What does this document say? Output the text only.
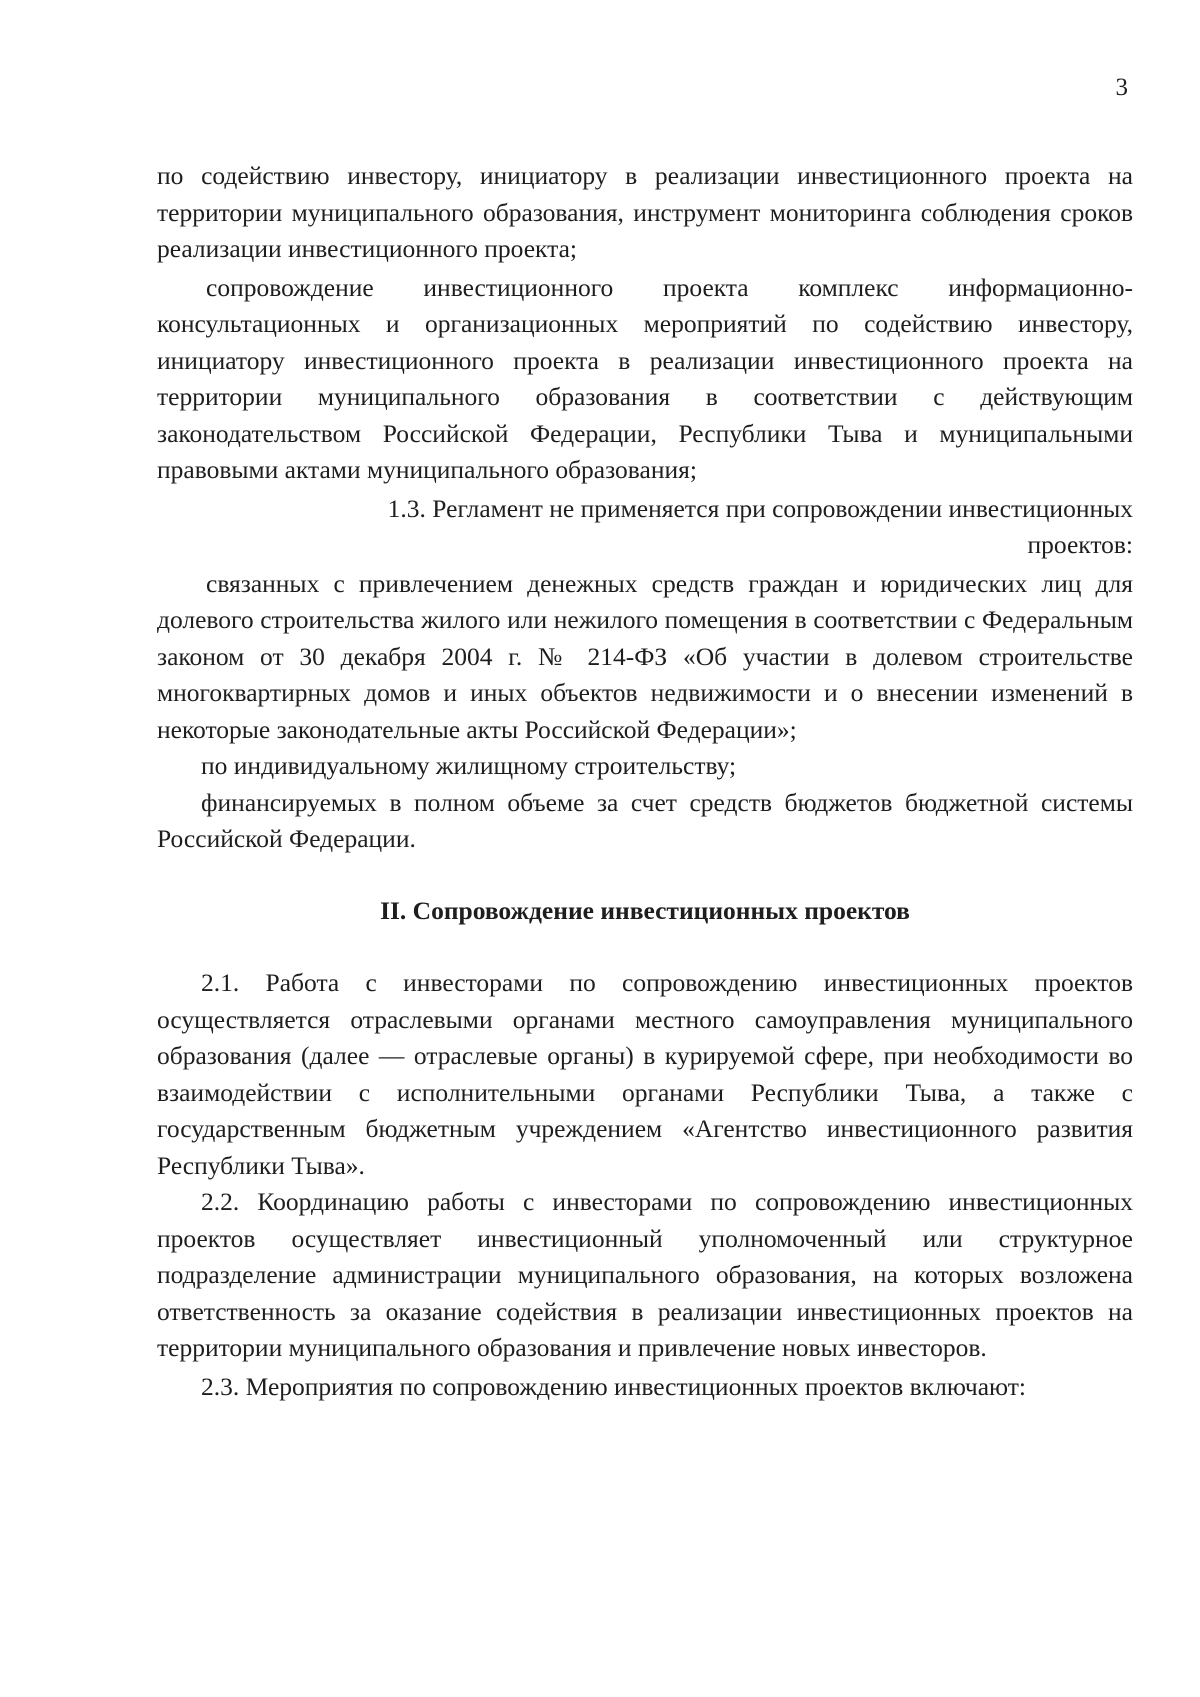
3

по содействию инвестору, инициатору в реализации инвестиционного проекта на территории муниципального образования, инструмент мониторинга соблюдения сроков реализации инвестиционного проекта;

сопровождение инвестиционного проекта комплекс информационно-консультационных и организационных мероприятий по содействию инвестору, инициатору инвестиционного проекта в реализации инвестиционного проекта на территории муниципального образования в соответствии с действующим законодательством Российской Федерации, Республики Тыва и муниципальными правовыми актами муниципального образования;

1.3. Регламент не применяется при сопровождении инвестиционных проектов:

связанных с привлечением денежных средств граждан и юридических лиц для долевого строительства жилого или нежилого помещения в соответствии с Федеральным законом от 30 декабря 2004 г. № 214-ФЗ «Об участии в долевом строительстве многоквартирных домов и иных объектов недвижимости и о внесении изменений в некоторые законодательные акты Российской Федерации»;

по индивидуальному жилищному строительству;

финансируемых в полном объеме за счет средств бюджетов бюджетной системы Российской Федерации.

II. Сопровождение инвестиционных проектов

2.1. Работа с инвесторами по сопровождению инвестиционных проектов осуществляется отраслевыми органами местного самоуправления муниципального образования (далее — отраслевые органы) в курируемой сфере, при необходимости во взаимодействии с исполнительными органами Республики Тыва, а также с государственным бюджетным учреждением «Агентство инвестиционного развития Республики Тыва».

2.2. Координацию работы с инвесторами по сопровождению инвестиционных проектов осуществляет инвестиционный уполномоченный или структурное подразделение администрации муниципального образования, на которых возложена ответственность за оказание содействия в реализации инвестиционных проектов на территории муниципального образования и привлечение новых инвесторов.

2.3. Мероприятия по сопровождению инвестиционных проектов включают:
